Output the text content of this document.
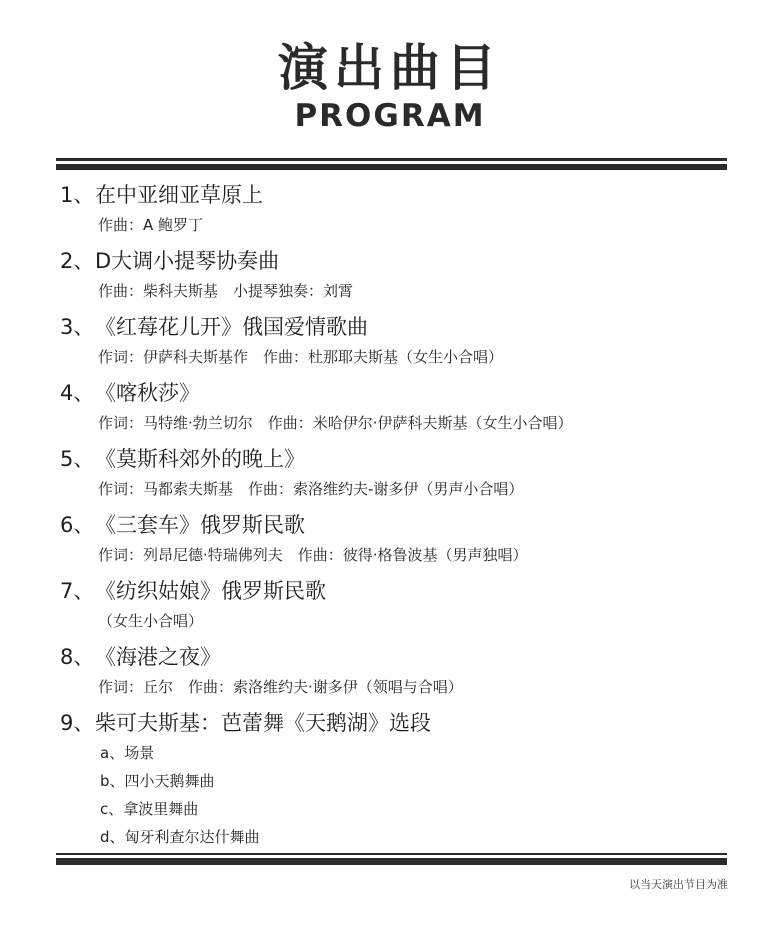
演出曲目
PROGRAM
1、在中亚细亚草原上
作曲：A 鲍罗丁
2、D大调小提琴协奏曲
作曲：柴科夫斯基　小提琴独奏：刘霄
3、《红莓花儿开》俄国爱情歌曲
作词：伊萨科夫斯基作　作曲：杜那耶夫斯基（女生小合唱）
4、《喀秋莎》
作词：马特维·勃兰切尔　作曲：米哈伊尔·伊萨科夫斯基（女生小合唱）
5、《莫斯科郊外的晚上》
作词：马都索夫斯基　作曲：索洛维约夫-谢多伊（男声小合唱）
6、《三套车》俄罗斯民歌
作词：列昂尼德·特瑞佛列夫　作曲：彼得·格鲁波基（男声独唱）
7、《纺织姑娘》俄罗斯民歌
（女生小合唱）
8、《海港之夜》
作词：丘尔　作曲：索洛维约夫·谢多伊（领唱与合唱）
9、柴可夫斯基：芭蕾舞《天鹅湖》选段
a、场景
b、四小天鹅舞曲
c、拿波里舞曲
d、匈牙利查尔达什舞曲
以当天演出节目为准
